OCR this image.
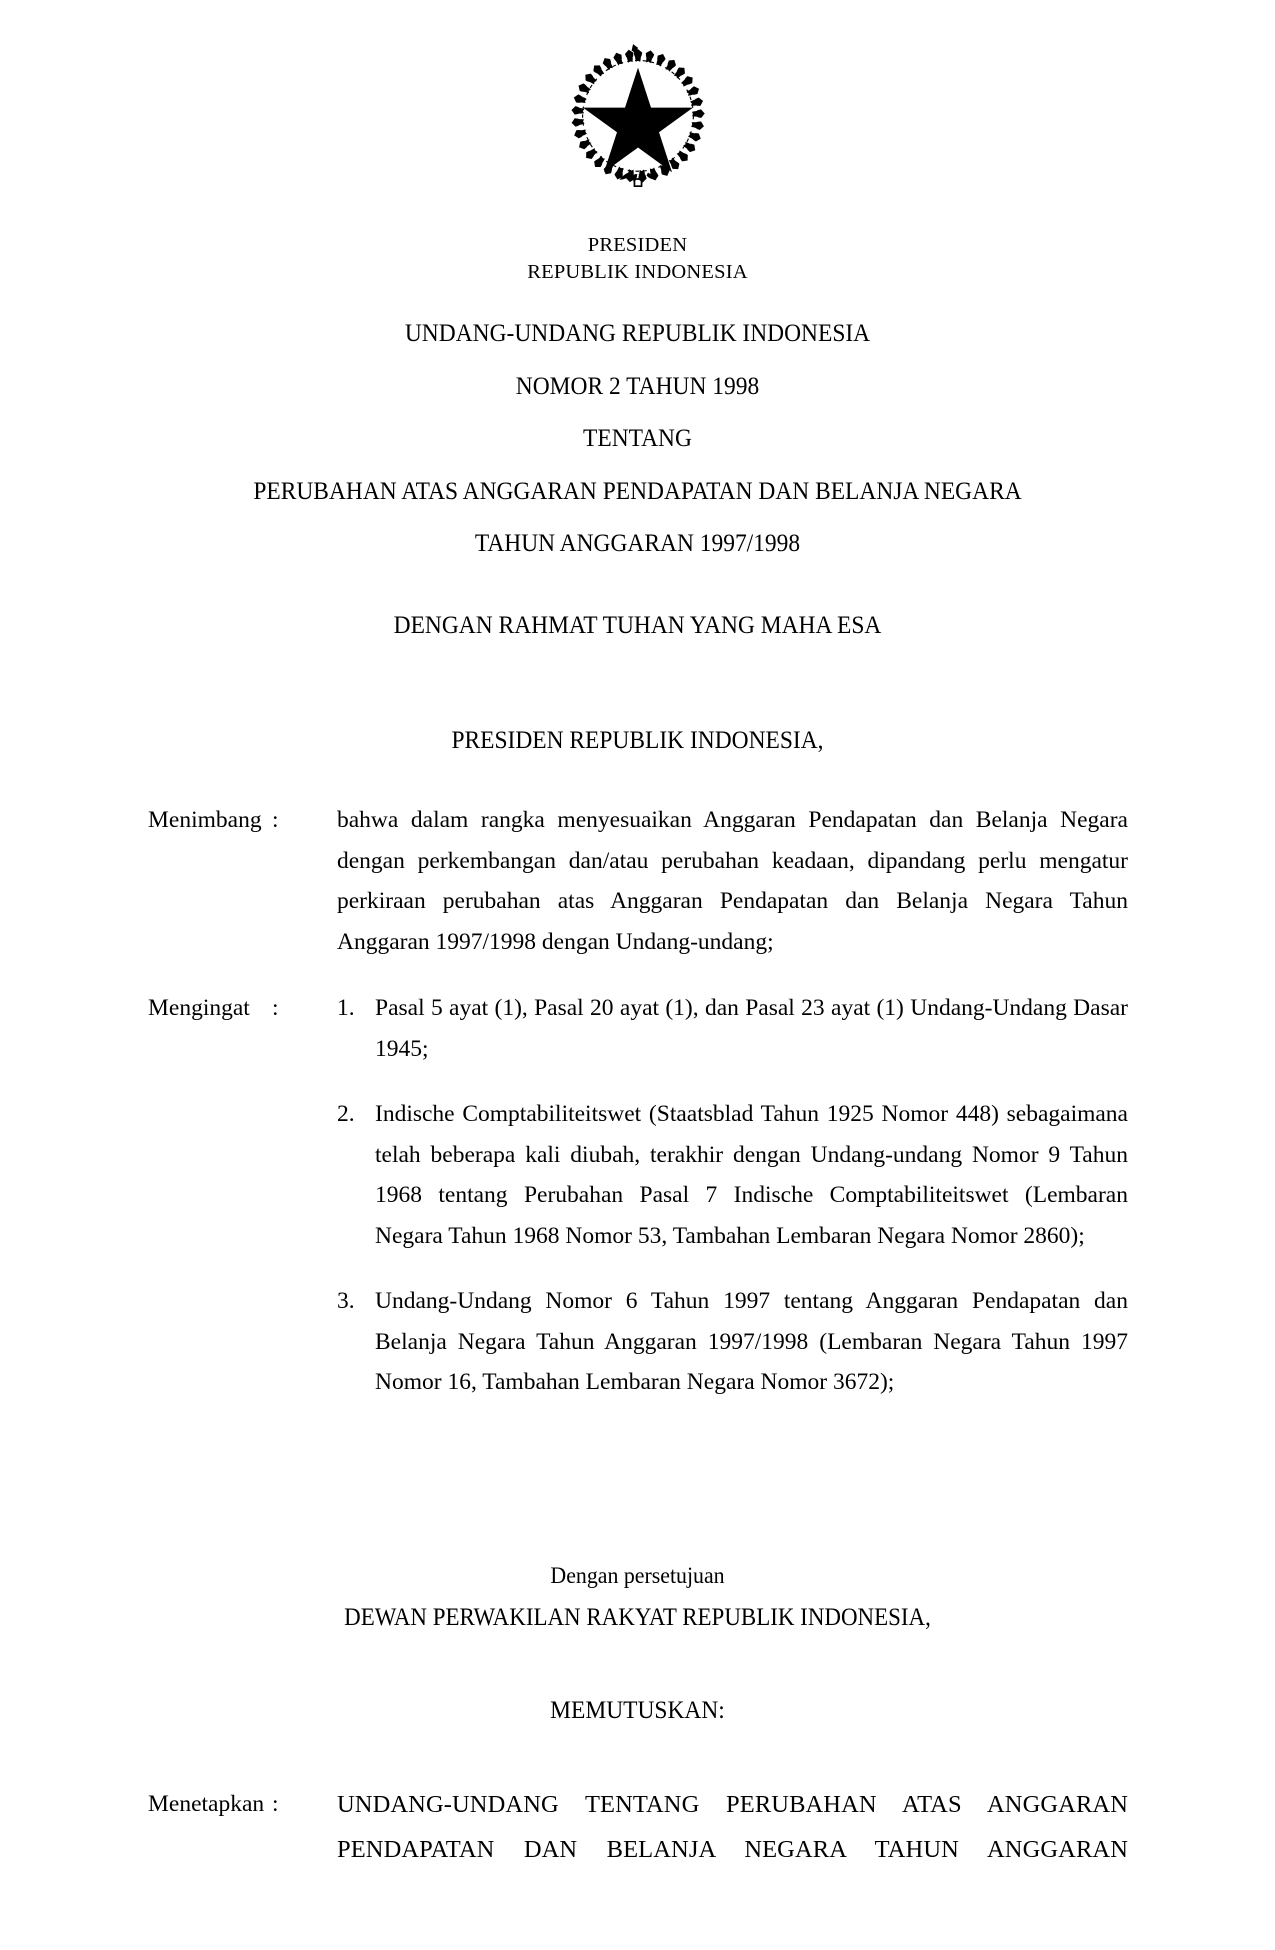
PRESIDEN
REPUBLIK INDONESIA
UNDANG-UNDANG REPUBLIK INDONESIA
NOMOR 2 TAHUN 1998
TENTANG
PERUBAHAN ATAS ANGGARAN PENDAPATAN DAN BELANJA NEGARA
TAHUN ANGGARAN 1997/1998
DENGAN RAHMAT TUHAN YANG MAHA ESA
PRESIDEN REPUBLIK INDONESIA,
Menimbang :	bahwa dalam rangka menyesuaikan Anggaran Pendapatan dan Belanja Negara dengan perkembangan dan/atau perubahan keadaan, dipandang perlu mengatur perkiraan perubahan atas Anggaran Pendapatan dan Belanja Negara Tahun Anggaran 1997/1998 dengan Undang-undang;

Mengingat :	1. Pasal 5 ayat (1), Pasal 20 ayat (1), dan Pasal 23 ayat (1) Undang-Undang Dasar 1945;
2. Indische Comptabiliteitswet (Staatsblad Tahun 1925 Nomor 448) sebagaimana telah beberapa kali diubah, terakhir dengan Undang-undang Nomor 9 Tahun 1968 tentang Perubahan Pasal 7 Indische Comptabiliteitswet (Lembaran Negara Tahun 1968 Nomor 53, Tambahan Lembaran Negara Nomor 2860);
3. Undang-Undang Nomor 6 Tahun 1997 tentang Anggaran Pendapatan dan Belanja Negara Tahun Anggaran 1997/1998 (Lembaran Negara Tahun 1997 Nomor 16, Tambahan Lembaran Negara Nomor 3672);
Dengan persetujuan
DEWAN PERWAKILAN RAKYAT REPUBLIK INDONESIA,
MEMUTUSKAN:
Menetapkan :	UNDANG-UNDANG TENTANG PERUBAHAN ATAS ANGGARAN PENDAPATAN DAN BELANJA NEGARA TAHUN ANGGARAN
